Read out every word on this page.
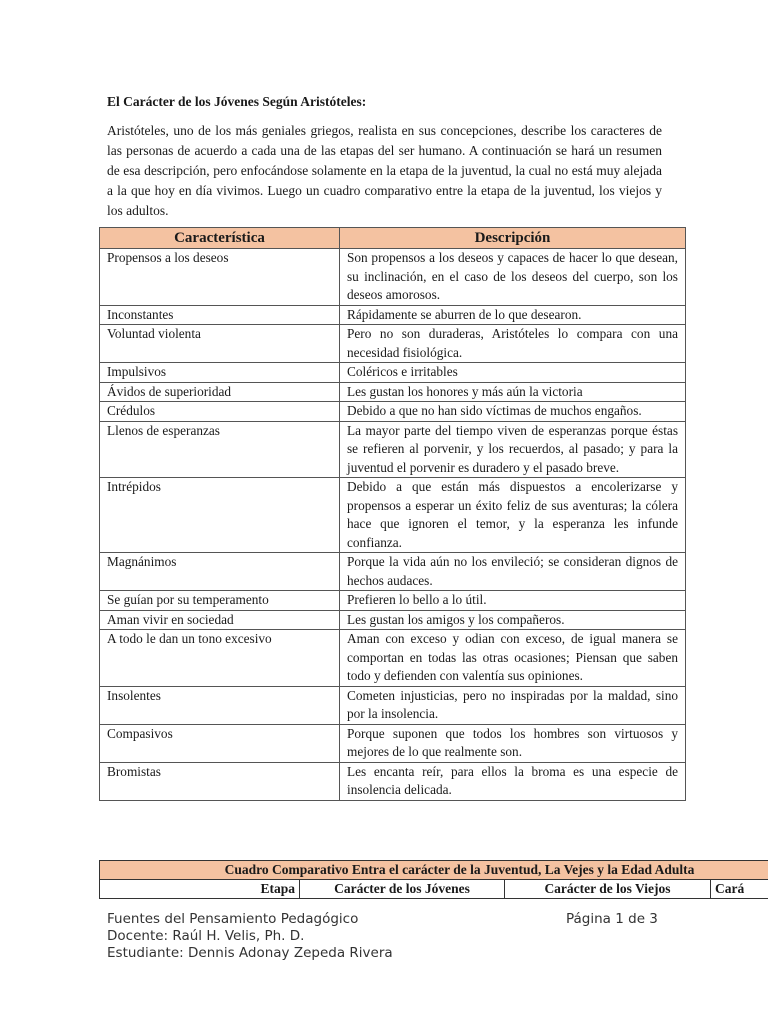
El Carácter de los Jóvenes Según Aristóteles:

Aristóteles, uno de los más geniales griegos, realista en sus concepciones, describe los caracteres de las personas de acuerdo a cada una de las etapas del ser humano. A continuación se hará un resumen de esa descripción, pero enfocándose solamente en la etapa de la juventud, la cual no está muy alejada a la que hoy en día vivimos. Luego un cuadro comparativo entre la etapa de la juventud, los viejos y los adultos.

Característica	Descripción
Propensos a los deseos	Son propensos a los deseos y capaces de hacer lo que desean, su inclinación, en el caso de los deseos del cuerpo, son los deseos amorosos.
Inconstantes	Rápidamente se aburren de lo que desearon.
Voluntad violenta	Pero no son duraderas, Aristóteles lo compara con una necesidad fisiológica.
Impulsivos	Coléricos e irritables
Ávidos de superioridad	Les gustan los honores y más aún la victoria
Crédulos	Debido a que no han sido víctimas de muchos engaños.
Llenos de esperanzas	La mayor parte del tiempo viven de esperanzas porque éstas se refieren al porvenir, y los recuerdos, al pasado; y para la juventud el porvenir es duradero y el pasado breve.
Intrépidos	Debido a que están más dispuestos a encolerizarse y propensos a esperar un éxito feliz de sus aventuras; la cólera hace que ignoren el temor, y la esperanza les infunde confianza.
Magnánimos	Porque la vida aún no los envileció; se consideran dignos de hechos audaces.
Se guían por su temperamento	Prefieren lo bello a lo útil.
Aman vivir en sociedad	Les gustan los amigos y los compañeros.
A todo le dan un tono excesivo	Aman con exceso y odian con exceso, de igual manera se comportan en todas las otras ocasiones; Piensan que saben todo y defienden con valentía sus opiniones.
Insolentes	Cometen injusticias, pero no inspiradas por la maldad, sino por la insolencia.
Compasivos	Porque suponen que todos los hombres son virtuosos y mejores de lo que realmente son.
Bromistas	Les encanta reír, para ellos la broma es una especie de insolencia delicada.
Cuadro Comparativo Entra el carácter de la Juventud, La Vejes y la Edad Adulta
Etapa	Carácter de los Jóvenes	Carácter de los Viejos	Cará
Fuentes del Pensamiento Pedagógico
Docente: Raúl H. Velis, Ph. D.
Estudiante: Dennis Adonay Zepeda Rivera
Página 1 de 3
